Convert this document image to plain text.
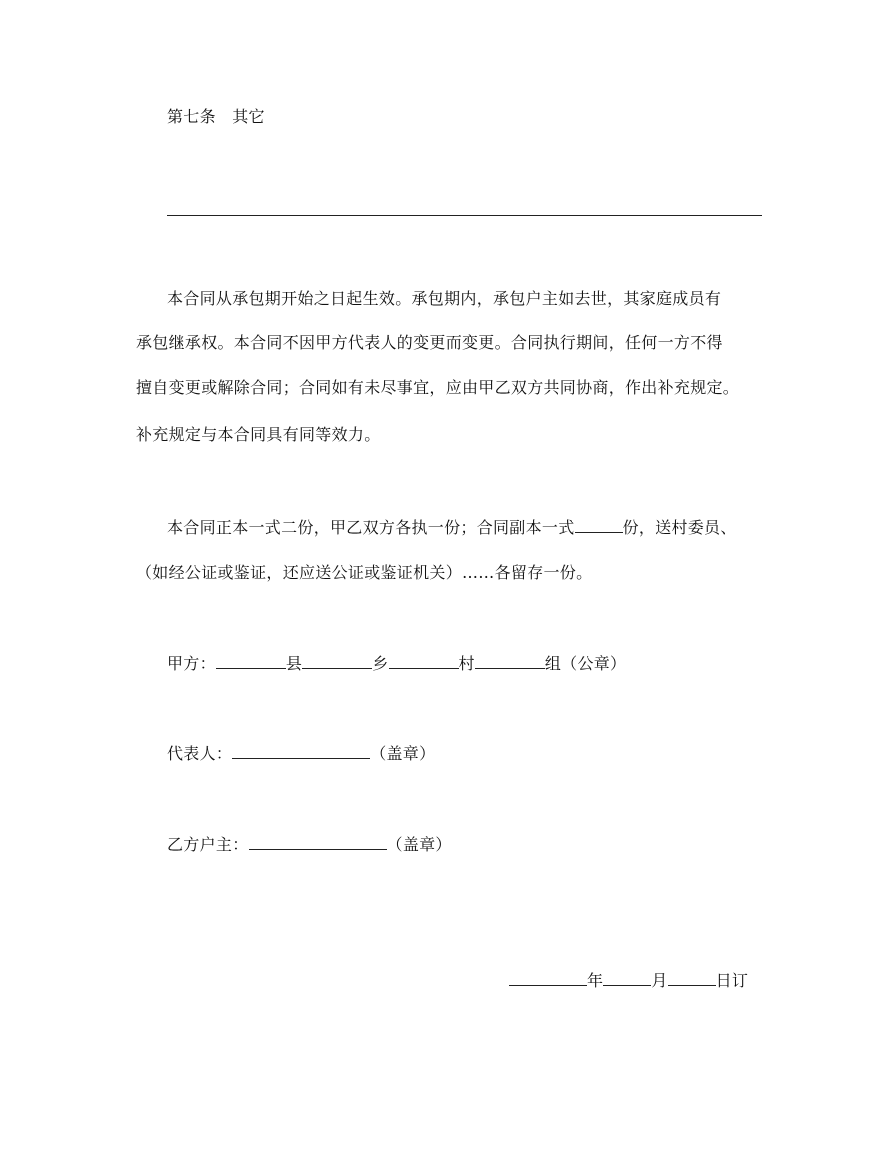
第七条　其它
本合同从承包期开始之日起生效。承包期内，承包户主如去世，其家庭成员有
承包继承权。本合同不因甲方代表人的变更而变更。合同执行期间，任何一方不得
擅自变更或解除合同；合同如有未尽事宜，应由甲乙双方共同协商，作出补充规定。
补充规定与本合同具有同等效力。
本合同正本一式二份，甲乙双方各执一份；合同副本一式	份，送村委员、
（如经公证或鉴证，还应送公证或鉴证机关）……各留存一份。
甲方：	县	乡	村	组（公章）
代表人：	（盖章）
乙方户主：	（盖章）
年	月	日订
